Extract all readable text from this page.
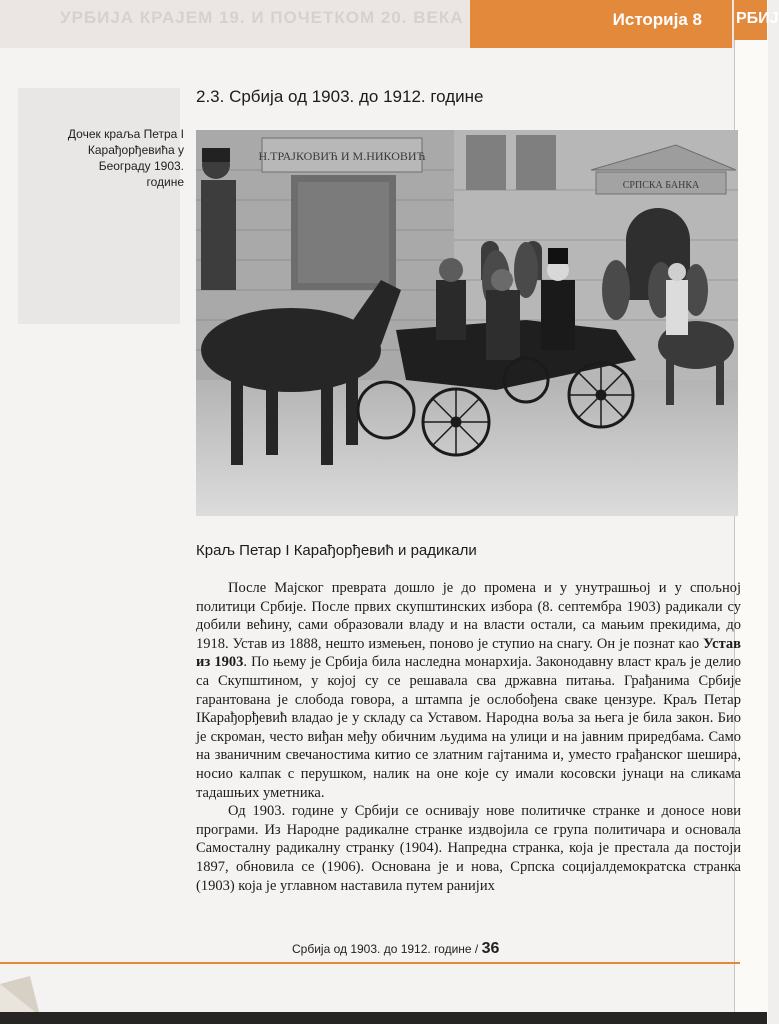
УРБИЈА КРАЈЕМ 19. И ПОЧЕТКОМ 20. ВЕКА	Историја 8 РБИЈ
2.3. Србија од 1903. до 1912. године
Дочек краља Петра I Карађорђевића у Београду 1903. године
Н.ТРАЈКОВИЋ И М.НИКОВИЋ
СРПСКА БАНКА
Краљ Петар I Карађорђевић и радикали

После Мајског преврата дошло је до промена и у унутрашњој и у спољној политици Србије. После првих скупштинских избора (8. септембра 1903) радикали су добили већину, сами образовали владу и на власти остали, са мањим прекидима, до 1918. Устав из 1888, нешто измењен, поново је ступио на снагу. Он је познат као Устав из 1903. По њему је Србија била наследна монархија. Законодавну власт краљ је делио са Скупштином, у којој су се решавала сва државна питања. Грађанима Србије гарантована је слобода говора, а штампа је ослобођена сваке цензуре. Краљ Петар IКарађорђевић владао је у складу са Уставом. Народна воља за њега је била закон. Био је скроман, често виђан међу обичним људима на улици и на јавним приредбама. Само на званичним свечаностима китио се златним гајтанима и, уместо грађанског шешира, носио калпак с перушком, налик на оне које су имали косовски јунаци на сликама тадашњих уметника.

Од 1903. године у Србији се оснивају нове политичке странке и доносе нови програми. Из Народне радикалне странке издвојила се група политичара и основала Самосталну радикалну странку (1904). Напредна странка, која је престала да постоји 1897, обновила се (1906). Основана је и нова, Српска социјалдемократска странка (1903) која је углавном наставила путем ранијих

Србија од 1903. до 1912. године / 36
